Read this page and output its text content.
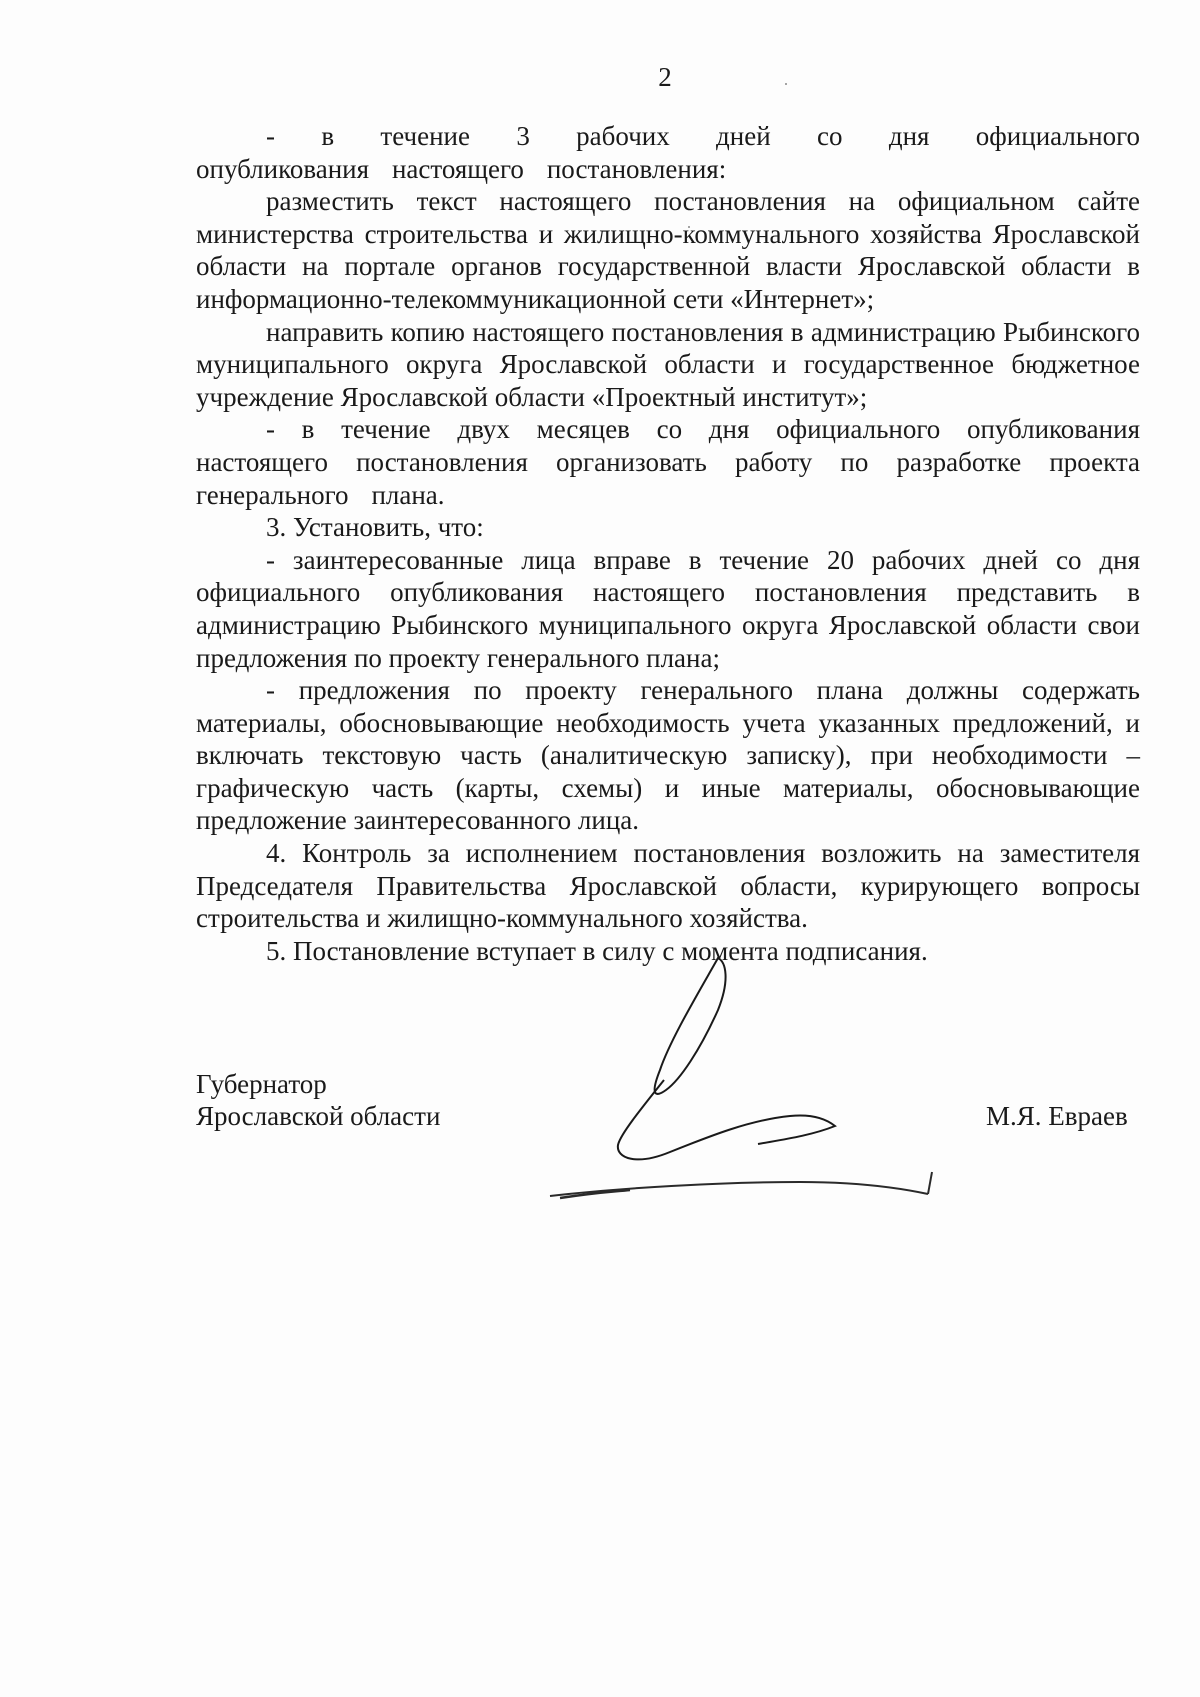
2

- в течение 3 рабочих дней со дня официального опубликования настоящего постановления:

разместить текст настоящего постановления на официальном сайте министерства строительства и жилищно-коммунального хозяйства Ярославской области на портале органов государственной власти Ярославской области в информационно-телекоммуникационной сети «Интернет»;

направить копию настоящего постановления в администрацию Рыбинского муниципального округа Ярославской области и государственное бюджетное учреждение Ярославской области «Проектный институт»;

- в течение двух месяцев со дня официального опубликования настоящего постановления организовать работу по разработке проекта генерального плана.

3. Установить, что:

- заинтересованные лица вправе в течение 20 рабочих дней со дня официального опубликования настоящего постановления представить в администрацию Рыбинского муниципального округа Ярославской области свои предложения по проекту генерального плана;

- предложения по проекту генерального плана должны содержать материалы, обосновывающие необходимость учета указанных предложений, и включать текстовую часть (аналитическую записку), при необходимости – графическую часть (карты, схемы) и иные материалы, обосновывающие предложение заинтересованного лица.

4. Контроль за исполнением постановления возложить на заместителя Председателя Правительства Ярославской области, курирующего вопросы строительства и жилищно-коммунального хозяйства.

5. Постановление вступает в силу с момента подписания.

Губернатор
Ярославской области	М.Я. Евраев
